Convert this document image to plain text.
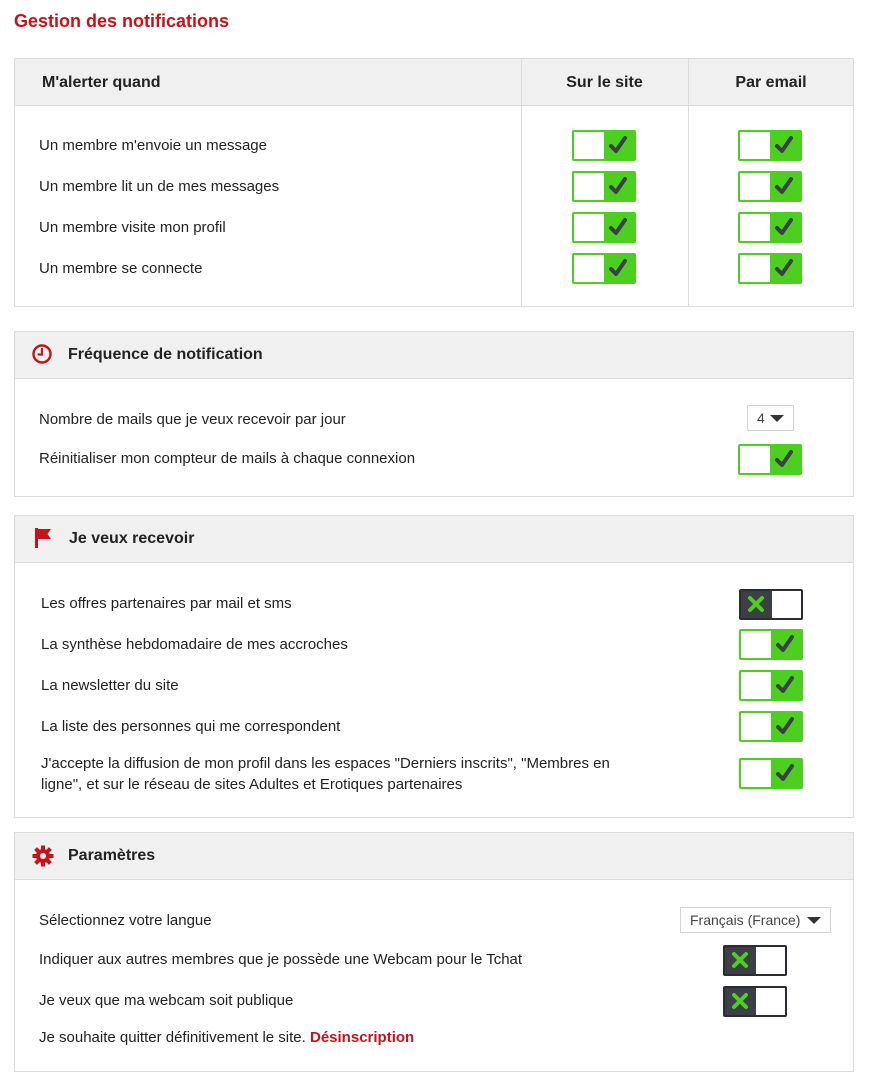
Gestion des notifications
M'alerter quand	Sur le site	Par email
Un membre m'envoie un message
Un membre lit un de mes messages
Un membre visite mon profil
Un membre se connecte
Fréquence de notification
Nombre de mails que je veux recevoir par jour	4
Réinitialiser mon compteur de mails à chaque connexion
Je veux recevoir
Les offres partenaires par mail et sms
La synthèse hebdomadaire de mes accroches
La newsletter du site
La liste des personnes qui me correspondent
J'accepte la diffusion de mon profil dans les espaces "Derniers inscrits", "Membres en
ligne", et sur le réseau de sites Adultes et Erotiques partenaires
Paramètres
Sélectionnez votre langue	Français (France)
Indiquer aux autres membres que je possède une Webcam pour le Tchat
Je veux que ma webcam soit publique
Je souhaite quitter définitivement le site. Désinscription
